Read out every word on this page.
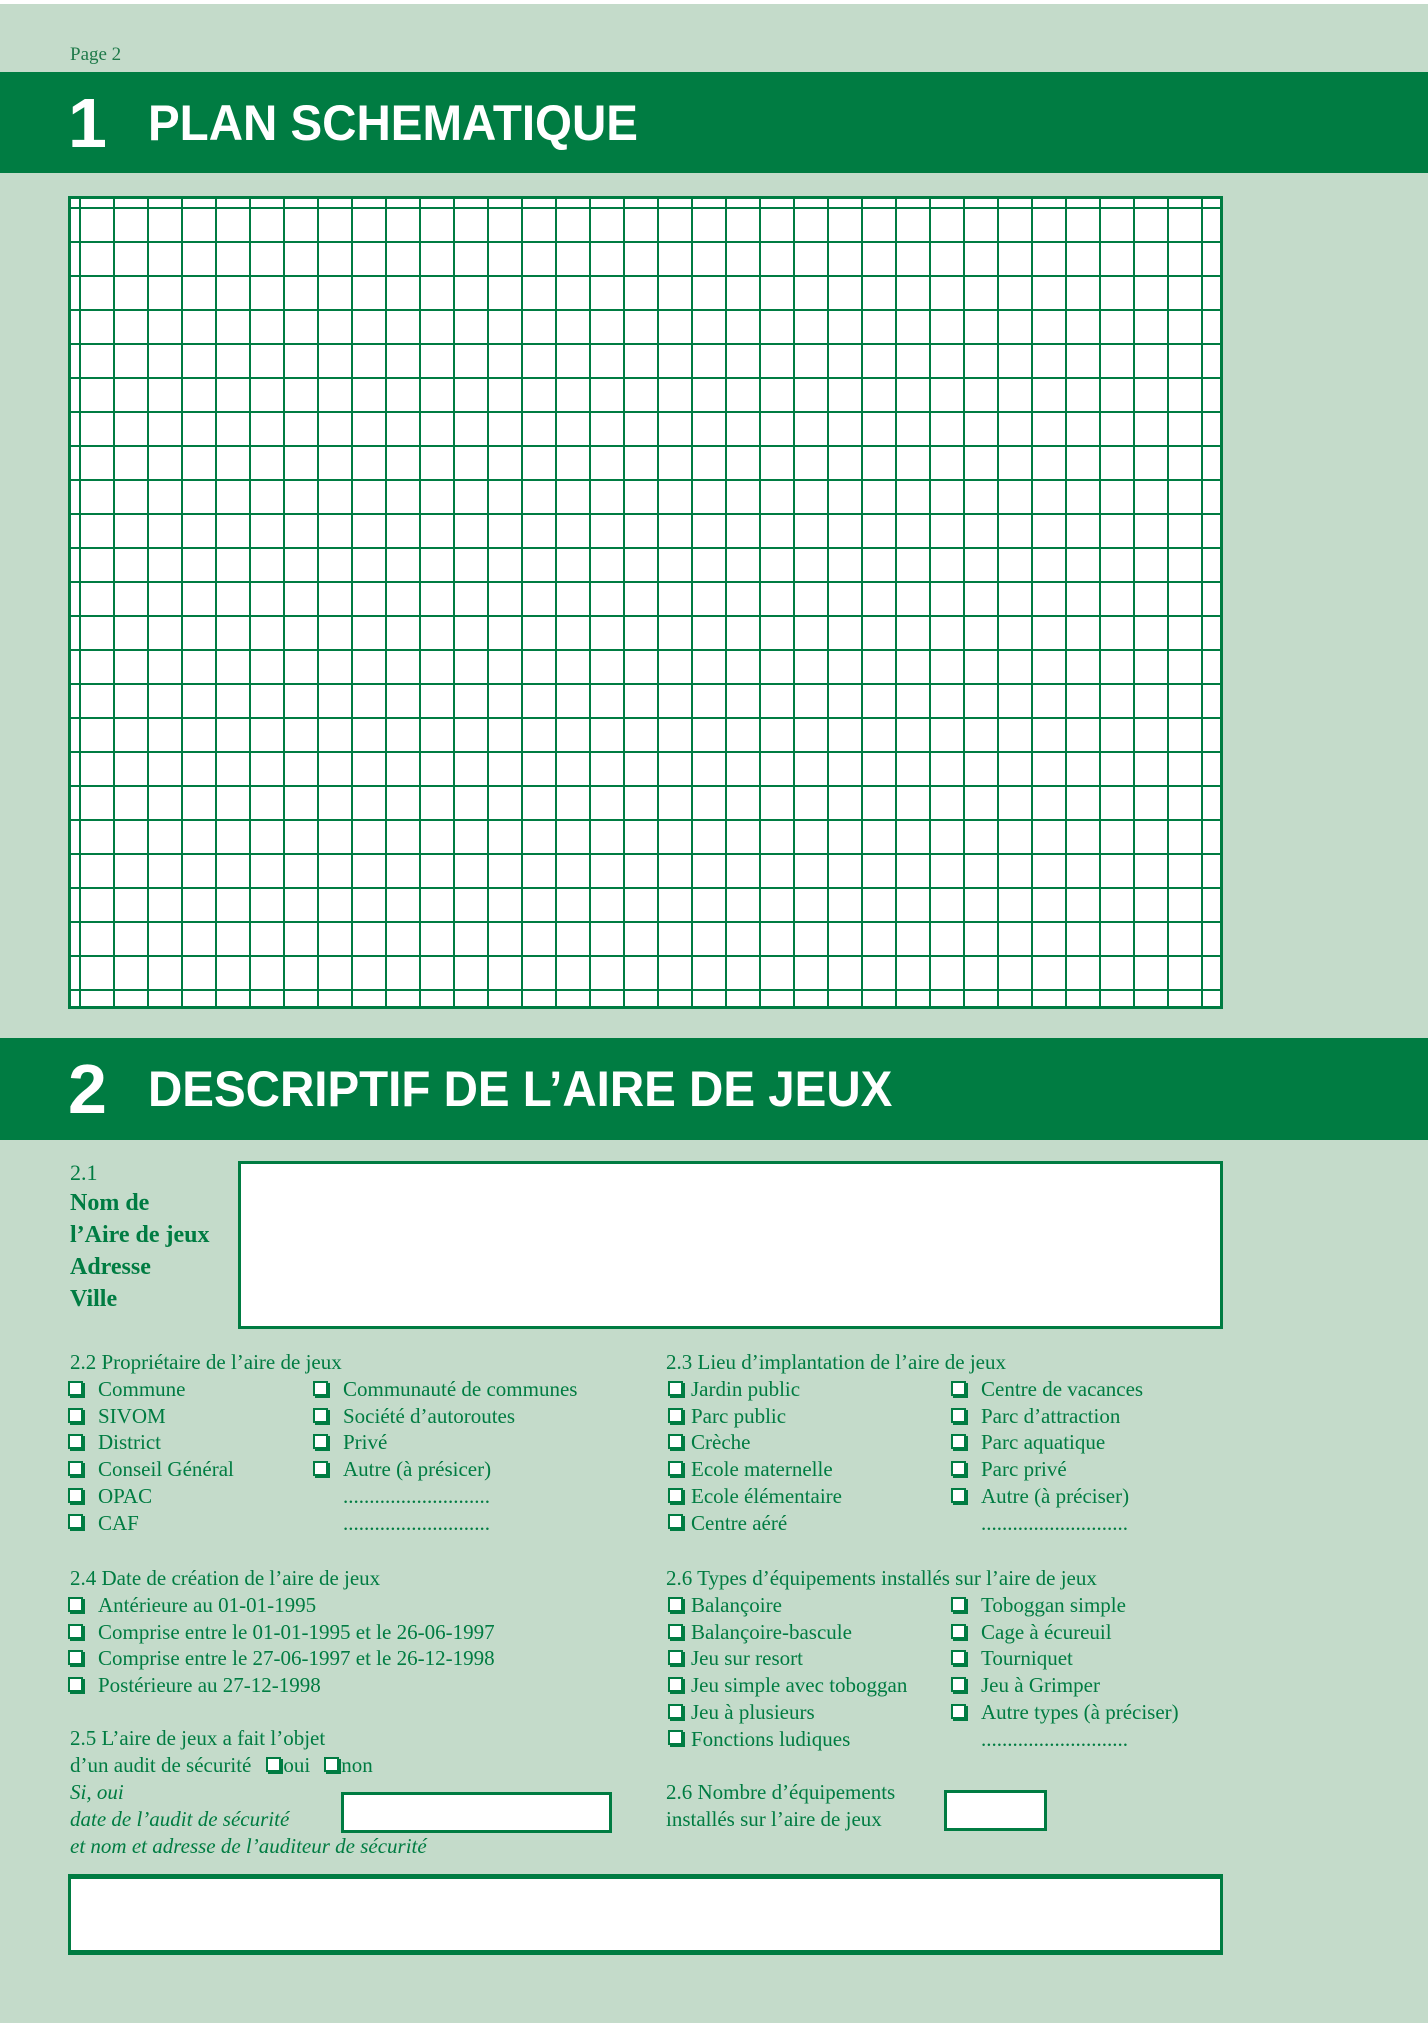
Page 2
1 PLAN SCHEMATIQUE
2 DESCRIPTIF DE L’AIRE DE JEUX
2.1
Nom de
l’Aire de jeux
Adresse
Ville
2.2 Propriétaire de l’aire de jeux
Commune
SIVOM
District
Conseil Général
OPAC
CAF
Communauté de communes
Société d’autoroutes
Privé
Autre (à présicer)
............................
............................
2.3 Lieu d’implantation de l’aire de jeux
Jardin public
Parc public
Crèche
Ecole maternelle
Ecole élémentaire
Centre aéré
Centre de vacances
Parc d’attraction
Parc aquatique
Parc privé
Autre (à préciser)
............................
2.4 Date de création de l’aire de jeux
Antérieure au 01-01-1995
Comprise entre le 01-01-1995 et le 26-06-1997
Comprise entre le 27-06-1997 et le 26-12-1998
Postérieure au 27-12-1998
2.5 L’aire de jeux a fait l’objet
d’un audit de sécurité oui non
Si, oui
date de l’audit de sécurité
et nom et adresse de l’auditeur de sécurité
2.6 Types d’équipements installés sur l’aire de jeux
Balançoire
Balançoire-bascule
Jeu sur resort
Jeu simple avec toboggan
Jeu à plusieurs
Fonctions ludiques
Toboggan simple
Cage à écureuil
Tourniquet
Jeu à Grimper
Autre types (à préciser)
............................
2.6 Nombre d’équipements
installés sur l’aire de jeux
